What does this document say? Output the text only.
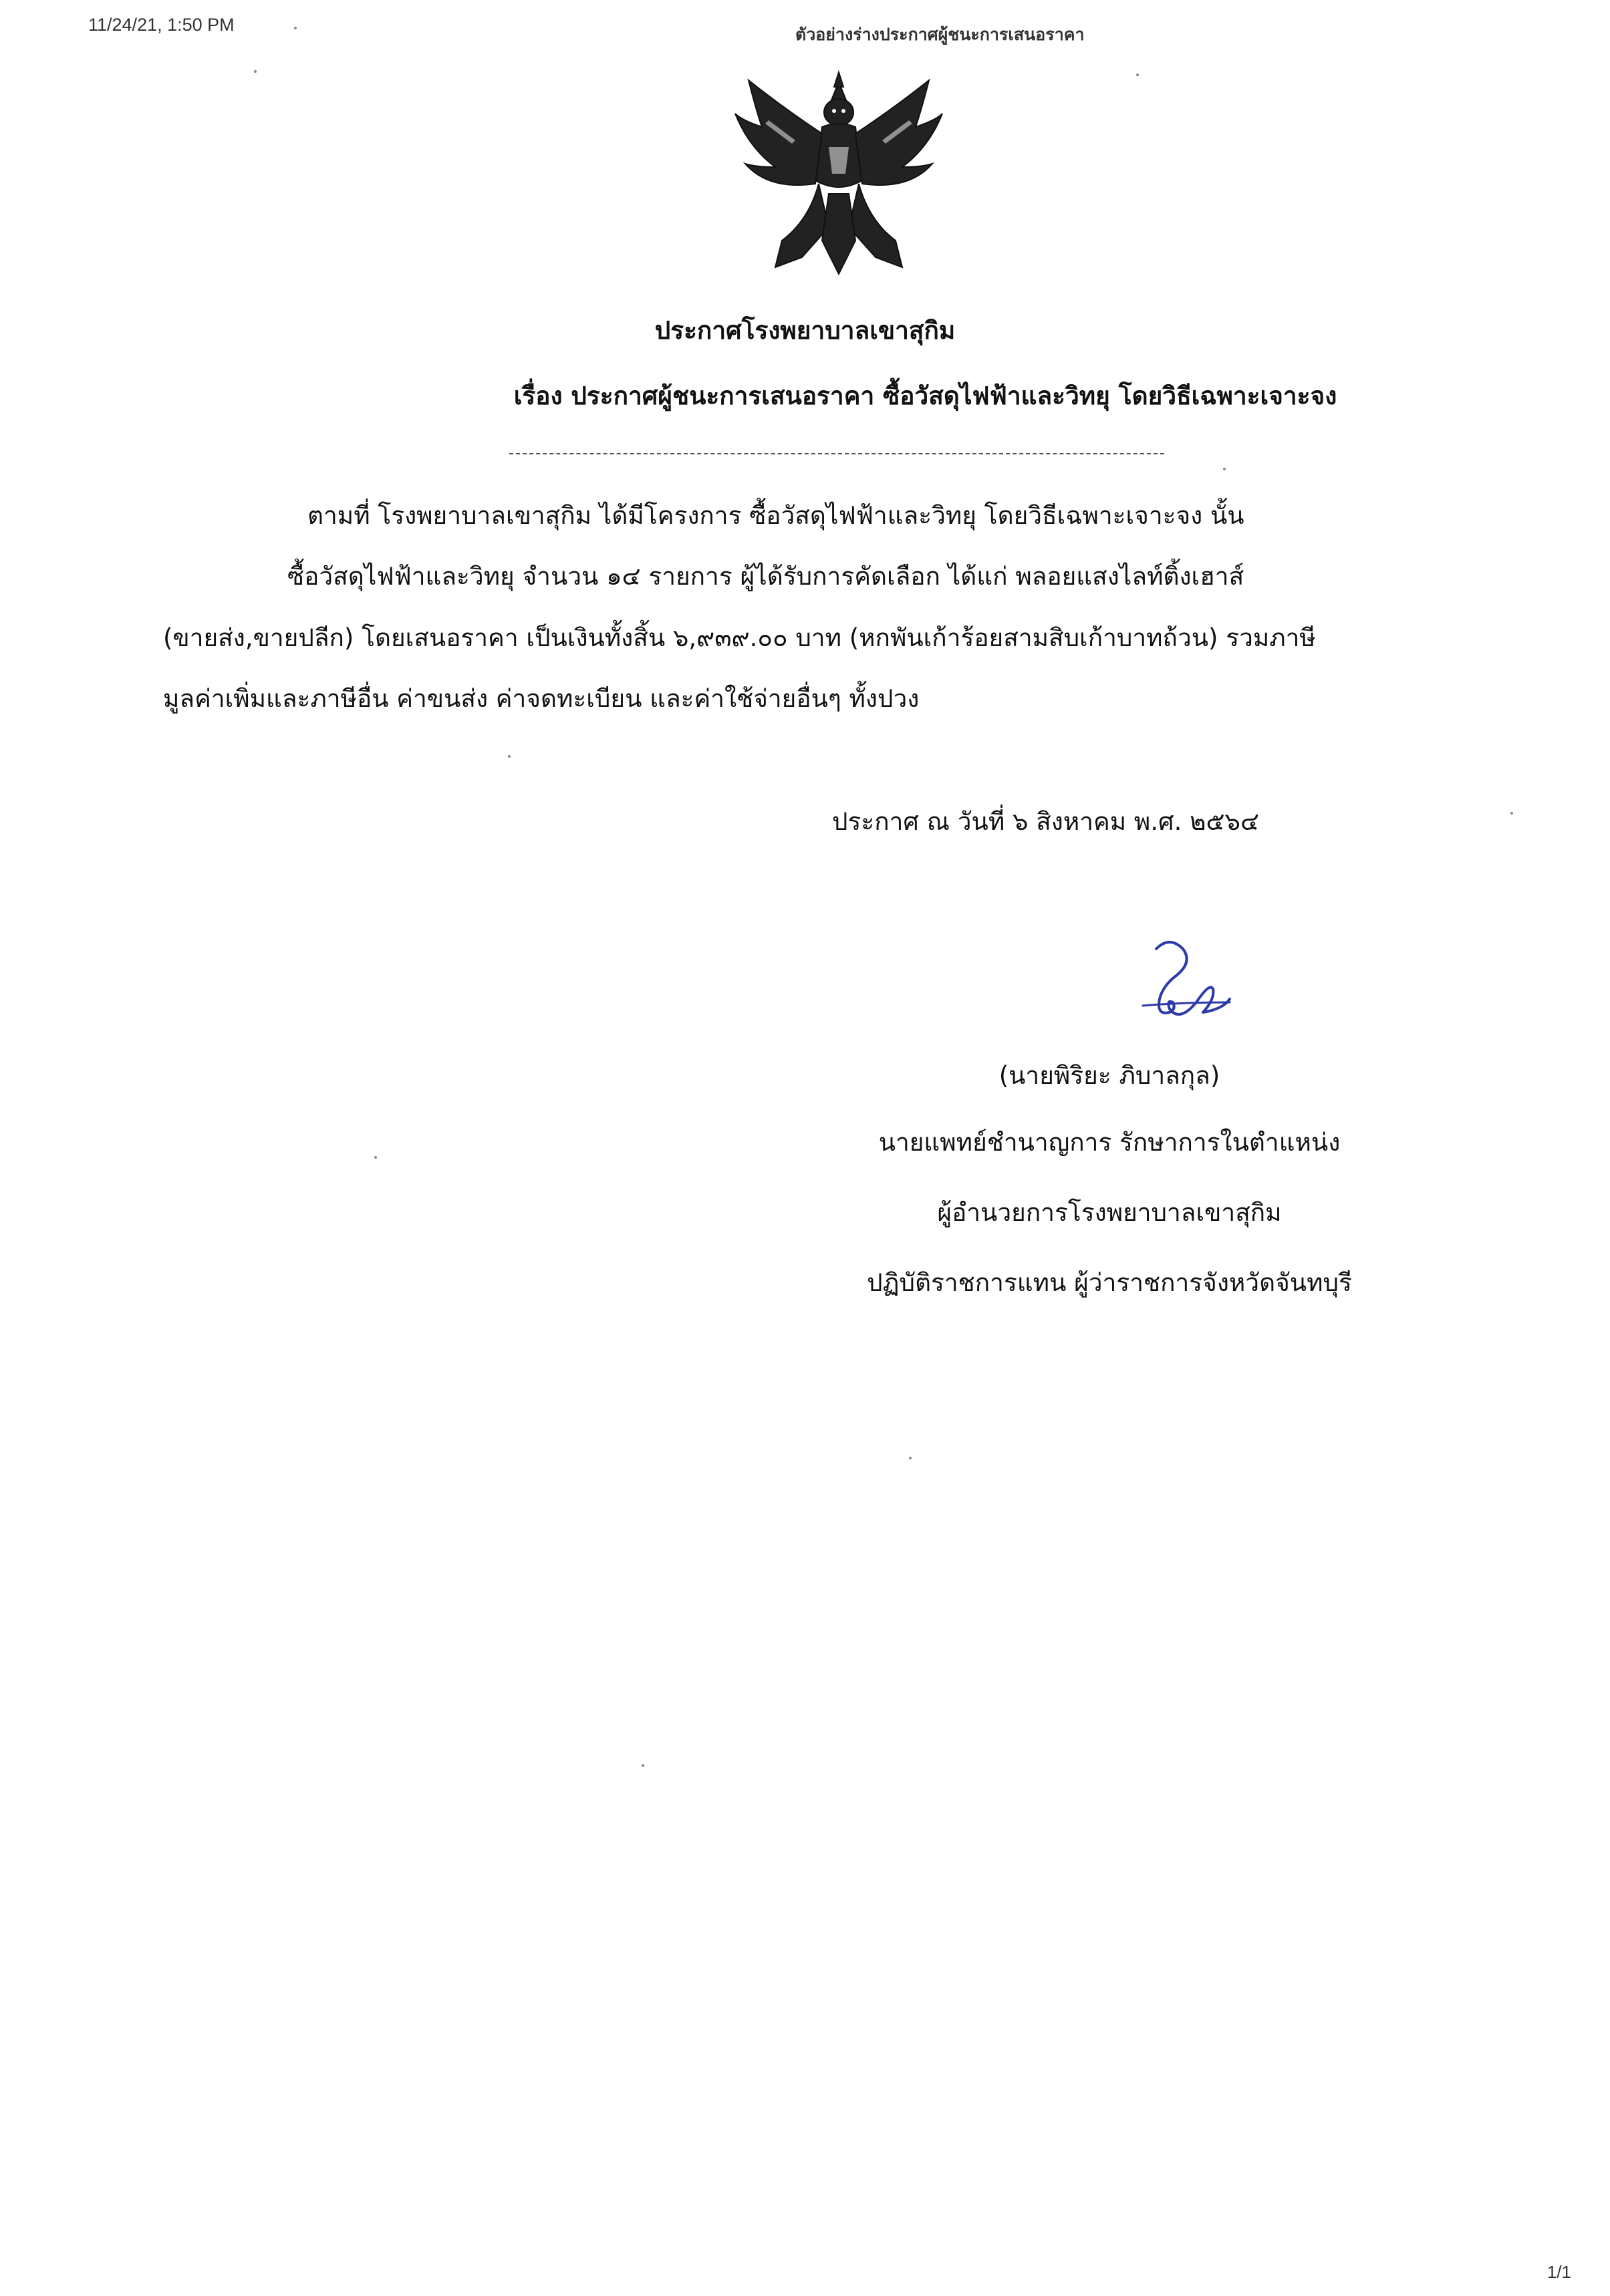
11/24/21, 1:50 PM	ตัวอย่างร่างประกาศผู้ชนะการเสนอราคา
ประกาศโรงพยาบาลเขาสุกิม
เรื่อง ประกาศผู้ชนะการเสนอราคา ซื้อวัสดุไฟฟ้าและวิทยุ โดยวิธีเฉพาะเจาะจง
ตามที่ โรงพยาบาลเขาสุกิม ได้มีโครงการ ซื้อวัสดุไฟฟ้าและวิทยุ โดยวิธีเฉพาะเจาะจง นั้น
ซื้อวัสดุไฟฟ้าและวิทยุ จำนวน ๑๔ รายการ ผู้ได้รับการคัดเลือก ได้แก่ พลอยแสงไลท์ติ้งเฮาส์
(ขายส่ง,ขายปลีก) โดยเสนอราคา เป็นเงินทั้งสิ้น ๖,๙๓๙.๐๐ บาท (หกพันเก้าร้อยสามสิบเก้าบาทถ้วน) รวมภาษี
มูลค่าเพิ่มและภาษีอื่น ค่าขนส่ง ค่าจดทะเบียน และค่าใช้จ่ายอื่นๆ ทั้งปวง
ประกาศ ณ วันที่ ๖ สิงหาคม พ.ศ. ๒๕๖๔
(นายพิริยะ ภิบาลกุล)
นายแพทย์ชำนาญการ รักษาการในตำแหน่ง
ผู้อำนวยการโรงพยาบาลเขาสุกิม
ปฏิบัติราชการแทน ผู้ว่าราชการจังหวัดจันทบุรี
1/1
